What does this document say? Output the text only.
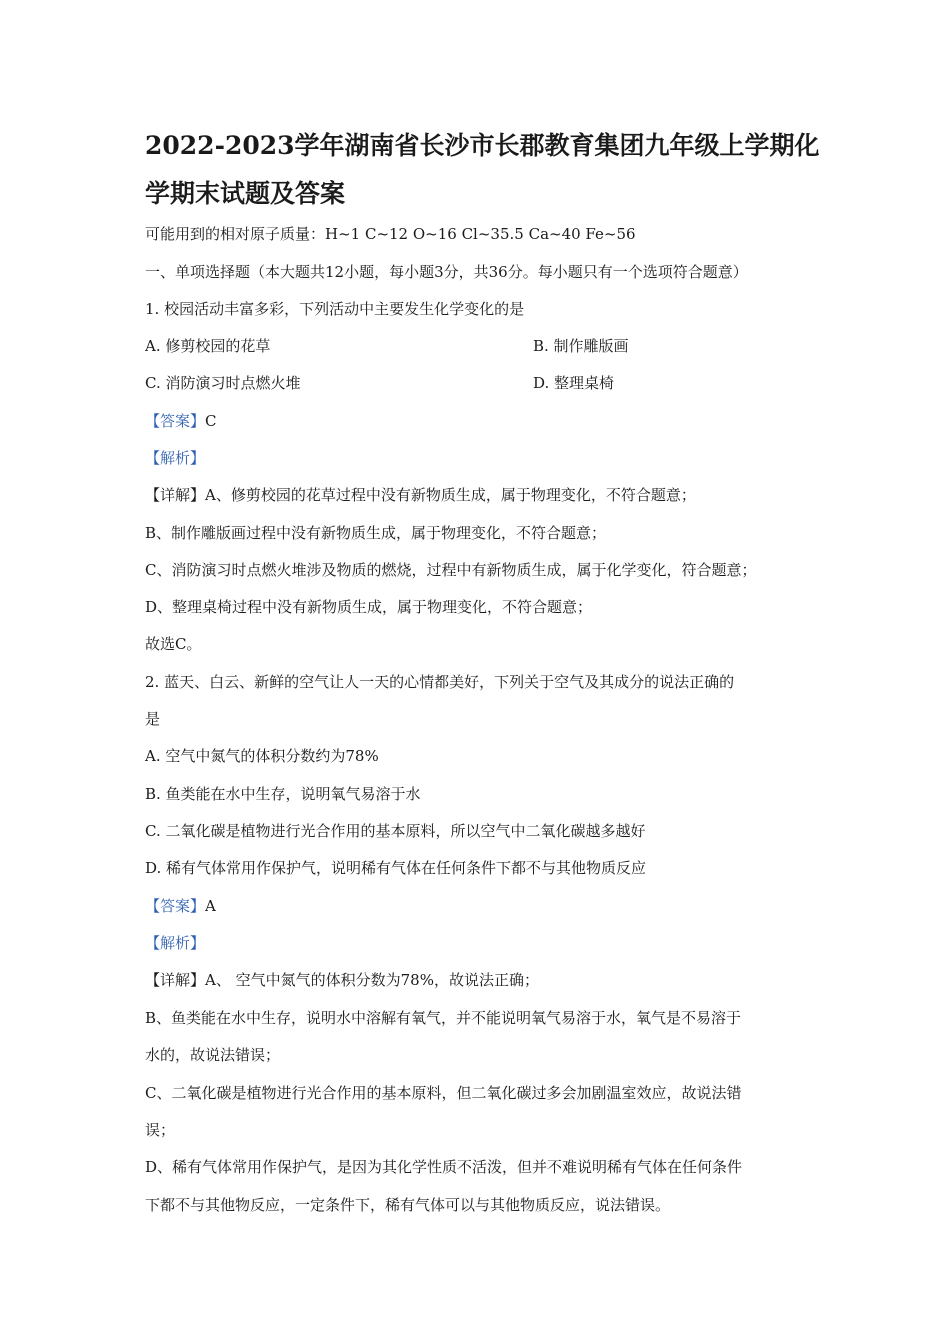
2022-2023学年湖南省长沙市长郡教育集团九年级上学期化
学期末试题及答案
可能用到的相对原子质量：H~1 C~12 O~16 Cl~35.5 Ca~40 Fe~56
一、单项选择题（本大题共12小题，每小题3分，共36分。每小题只有一个选项符合题意）
1. 校园活动丰富多彩，下列活动中主要发生化学变化的是
A. 修剪校园的花草	B. 制作雕版画
C. 消防演习时点燃火堆	D. 整理桌椅
【答案】C
【解析】
【详解】A、修剪校园的花草过程中没有新物质生成，属于物理变化，不符合题意；
B、制作雕版画过程中没有新物质生成，属于物理变化，不符合题意；
C、消防演习时点燃火堆涉及物质的燃烧，过程中有新物质生成，属于化学变化，符合题意；
D、整理桌椅过程中没有新物质生成，属于物理变化，不符合题意；
故选C。
2. 蓝天、白云、新鲜的空气让人一天的心情都美好，下列关于空气及其成分的说法正确的
是
A. 空气中氮气的体积分数约为78%
B. 鱼类能在水中生存，说明氧气易溶于水
C. 二氧化碳是植物进行光合作用的基本原料，所以空气中二氧化碳越多越好
D. 稀有气体常用作保护气，说明稀有气体在任何条件下都不与其他物质反应
【答案】A
【解析】
【详解】A、 空气中氮气的体积分数为78%，故说法正确；
B、鱼类能在水中生存，说明水中溶解有氧气，并不能说明氧气易溶于水，氧气是不易溶于
水的，故说法错误；
C、二氧化碳是植物进行光合作用的基本原料，但二氧化碳过多会加剧温室效应，故说法错
误；
D、稀有气体常用作保护气，是因为其化学性质不活泼，但并不难说明稀有气体在任何条件
下都不与其他物反应，一定条件下，稀有气体可以与其他物质反应，说法错误。
